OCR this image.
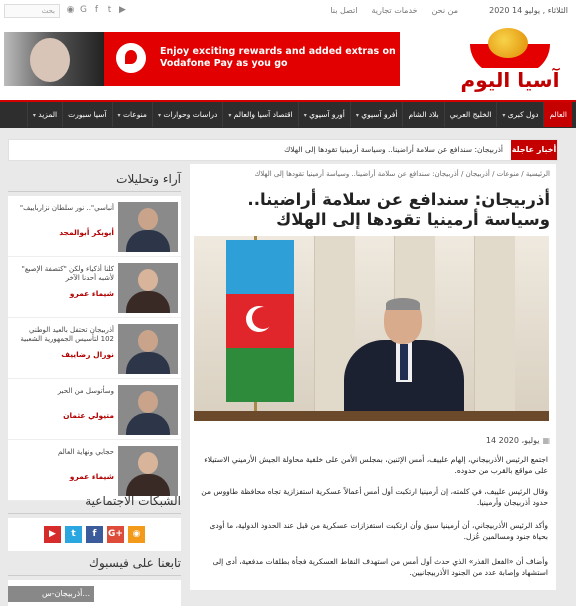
الثلاثاء , يوليو 14 2020
من نحن
خدمات تجارية
اتصل بنا
◉ G f	t ▶
بحث
Enjoy exciting rewards and added extras on Vodafone Pay as you go
آسيا اليوم
العالم
دول كبرى ▾
الخليج العربي
بلاد الشام
أفرو آسيوي ▾
أورو آسيوي ▾
اقتصاد آسيا والعالم ▾
دراسات وحوارات ▾
منوعات ▾
آسيا سبورت
المزيد ▾
أخبار عاجلة
أذربيجان: سندافع عن سلامة أراضينا.. وسياسة أرمينيا تقودها إلى الهلاك
آراء وتحليلات
"أنباسي".. نور سلطان نزارباييف
أبوبكر أبوالمجد
كلنا أذكياء ولكن "كتصفة الإصبع" لأشبه أحدنا الآخر
شيماء عمرو
أذربيجان تحتفل بالعيد الوطني 102 لتأسيس الجمهورية الشعبية
نورال رضاييف
وسأتوسل من الحبر
متيولي عثمان
حجابي ونهاية العالم
شيماء عمرو
الشبكات الاجتماعية
▶	t	f	G+	◉
تابعنا على فيسبوك
أذربيجان-س...
الرئيسية / منوعات / أذربيجان / أذربيجان: سندافع عن سلامة أراضينا.. وسياسة أرمينيا تقودها إلى الهلاك
أذربيجان: سندافع عن سلامة أراضينا.. وسياسة أرمينيا تقودها إلى الهلاك
14 يوليو، 2020 ▦
اجتمع الرئيس الأذربيجاني، إلهام علييف، أمس الإثنين، بمجلس الأمن على خلفية محاولة الجيش الأرميني الاستيلاء على مواقع بالقرب من حدوده.
وقال الرئيس علييف، في كلمته، إن أرمينيا ارتكبت أول أمس أعمالاً عسكرية استفزازية تجاه محافظة طاووس من حدود أذربيجان وأرمينيا.
وأكد الرئيس الأذربيجاني، أن أرمينيا سبق وأن ارتكبت استفزازات عسكرية من قبل عند الحدود الدولية، ما أودى بحياة جنود ومسالمين عُزل.
وأضاف أن «الفعل القذر» الذي حدث أول أمس من استهدف النقاط العسكرية فجأة بطلقات مدفعية، أدى إلى استشهاد وإصابة عدد من الجنود الأذربيجانيين.
